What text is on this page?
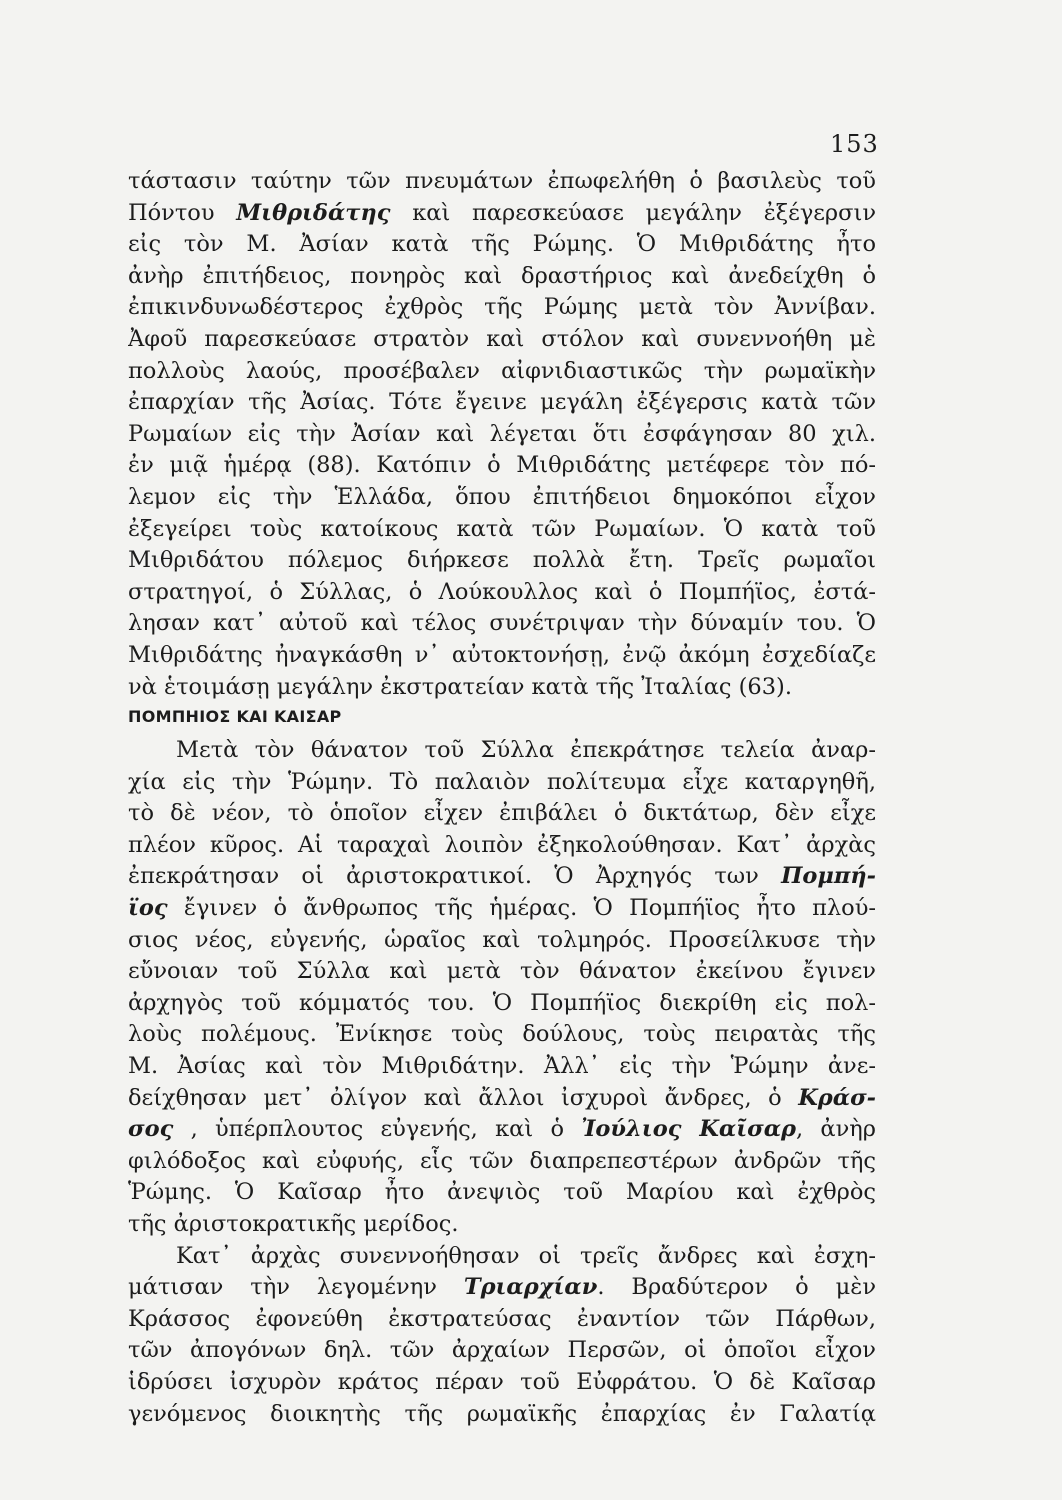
153
τάστασιν ταύτην τῶν πνευμάτων ἐπωφελήθη ὁ βασιλεὺς τοῦ
Πόντου Μιθριδάτης καὶ παρεσκεύασε μεγάλην ἐξέγερσιν
εἰς τὸν Μ. Ἀσίαν κατὰ τῆς Ρώμης. Ὁ Μιθριδάτης ἦτο
ἀνὴρ ἐπιτήδειος, πονηρὸς καὶ δραστήριος καὶ ἀνεδείχθη ὁ
ἐπικινδυνωδέστερος ἐχθρὸς τῆς Ρώμης μετὰ τὸν Ἀννίβαν.
Ἀφοῦ παρεσκεύασε στρατὸν καὶ στόλον καὶ συνεννοήθη μὲ
πολλοὺς λαούς, προσέβαλεν αἰφνιδιαστικῶς τὴν ρωμαϊκὴν
ἐπαρχίαν τῆς Ἀσίας. Τότε ἔγεινε μεγάλη ἐξέγερσις κατὰ τῶν
Ρωμαίων εἰς τὴν Ἀσίαν καὶ λέγεται ὅτι ἐσφάγησαν 80 χιλ.
ἐν μιᾷ ἡμέρᾳ (88). Κατόπιν ὁ Μιθριδάτης μετέφερε τὸν πό-
λεμον εἰς τὴν Ἑλλάδα, ὅπου ἐπιτήδειοι δημοκόποι εἶχον
ἐξεγείρει τοὺς κατοίκους κατὰ τῶν Ρωμαίων. Ὁ κατὰ τοῦ
Μιθριδάτου πόλεμος διήρκεσε πολλὰ ἔτη. Τρεῖς ρωμαῖοι
στρατηγοί, ὁ Σύλλας, ὁ Λούκουλλος καὶ ὁ Πομπήϊος, ἐστά-
λησαν κατ᾽ αὐτοῦ καὶ τέλος συνέτριψαν τὴν δύναμίν του. Ὁ
Μιθριδάτης ἠναγκάσθη ν᾽ αὐτοκτονήσῃ, ἐνῷ ἀκόμη ἐσχεδίαζε
νὰ ἑτοιμάσῃ μεγάλην ἐκστρατείαν κατὰ τῆς Ἰταλίας (63).
ΠΟΜΠΗΙΟΣ ΚΑΙ ΚΑΙΣΑΡ
Μετὰ τὸν θάνατον τοῦ Σύλλα ἐπεκράτησε τελεία ἀναρ-
χία εἰς τὴν Ῥώμην. Τὸ παλαιὸν πολίτευμα εἶχε καταργηθῆ,
τὸ δὲ νέον, τὸ ὁποῖον εἶχεν ἐπιβάλει ὁ δικτάτωρ, δὲν εἶχε
πλέον κῦρος. Αἱ ταραχαὶ λοιπὸν ἐξηκολούθησαν. Κατ᾽ ἀρχὰς
ἐπεκράτησαν οἱ ἀριστοκρατικοί. Ὁ Ἀρχηγός των Πομπή-
ϊος ἔγινεν ὁ ἄνθρωπος τῆς ἡμέρας. Ὁ Πομπήϊος ἦτο πλού-
σιος νέος, εὐγενής, ὡραῖος καὶ τολμηρός. Προσείλκυσε τὴν
εὔνοιαν τοῦ Σύλλα καὶ μετὰ τὸν θάνατον ἐκείνου ἔγινεν
ἀρχηγὸς τοῦ κόμματός του. Ὁ Πομπήϊος διεκρίθη εἰς πολ-
λοὺς πολέμους. Ἐνίκησε τοὺς δούλους, τοὺς πειρατὰς τῆς
Μ. Ἀσίας καὶ τὸν Μιθριδάτην. Ἀλλ᾽ εἰς τὴν Ῥώμην ἀνε-
δείχθησαν μετ᾽ ὀλίγον καὶ ἄλλοι ἰσχυροὶ ἄνδρες, ὁ Κράσ-
σος , ὑπέρπλουτος εὐγενής, καὶ ὁ Ἰούλιος Καῖσαρ, ἀνὴρ
φιλόδοξος καὶ εὐφυής, εἷς τῶν διαπρεπεστέρων ἀνδρῶν τῆς
Ῥώμης. Ὁ Καῖσαρ ἦτο ἀνεψιὸς τοῦ Μαρίου καὶ ἐχθρὸς
τῆς ἀριστοκρατικῆς μερίδος.
Κατ᾽ ἀρχὰς συνεννοήθησαν οἱ τρεῖς ἄνδρες καὶ ἐσχη-
μάτισαν τὴν λεγομένην Τριαρχίαν. Βραδύτερον ὁ μὲν
Κράσσος ἐφονεύθη ἐκστρατεύσας ἐναντίον τῶν Πάρθων,
τῶν ἀπογόνων δηλ. τῶν ἀρχαίων Περσῶν, οἱ ὁποῖοι εἶχον
ἱδρύσει ἰσχυρὸν κράτος πέραν τοῦ Εὐφράτου. Ὁ δὲ Καῖσαρ
γενόμενος διοικητὴς τῆς ρωμαϊκῆς ἐπαρχίας ἐν Γαλατίᾳ
